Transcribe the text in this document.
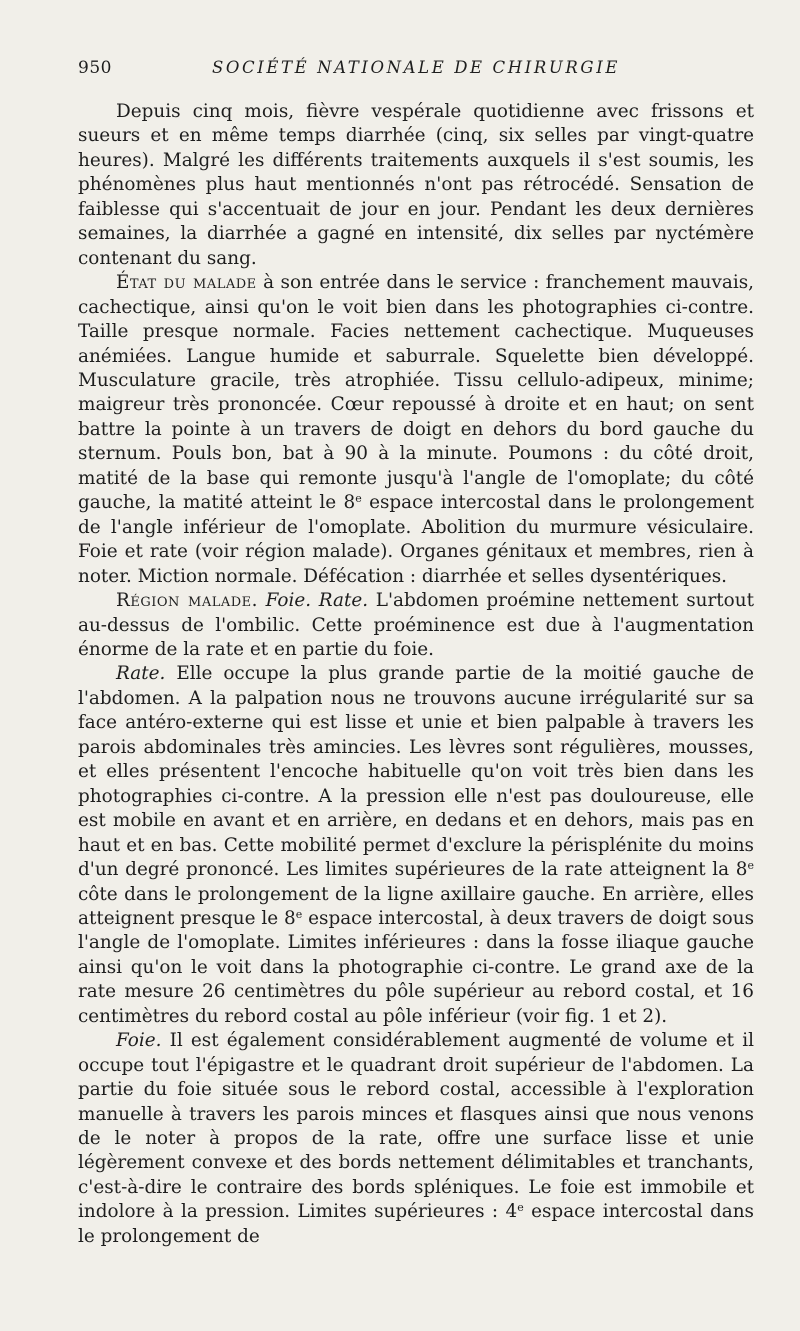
950	SOCIÉTÉ NATIONALE DE CHIRURGIE

Depuis cinq mois, fièvre vespérale quotidienne avec frissons et sueurs et en même temps diarrhée (cinq, six selles par vingt-quatre heures). Malgré les différents traitements auxquels il s'est soumis, les phénomènes plus haut mentionnés n'ont pas rétrocédé. Sensation de faiblesse qui s'accentuait de jour en jour. Pendant les deux dernières semaines, la diarrhée a gagné en intensité, dix selles par nyctémère contenant du sang.

État du malade à son entrée dans le service : franchement mauvais, cachectique, ainsi qu'on le voit bien dans les photographies ci-contre. Taille presque normale. Facies nettement cachectique. Muqueuses anémiées. Langue humide et saburrale. Squelette bien développé. Musculature gracile, très atrophiée. Tissu cellulo-adipeux, minime; maigreur très prononcée. Cœur repoussé à droite et en haut; on sent battre la pointe à un travers de doigt en dehors du bord gauche du sternum. Pouls bon, bat à 90 à la minute. Poumons : du côté droit, matité de la base qui remonte jusqu'à l'angle de l'omoplate; du côté gauche, la matité atteint le 8e espace intercostal dans le prolongement de l'angle inférieur de l'omoplate. Abolition du murmure vésiculaire. Foie et rate (voir région malade). Organes génitaux et membres, rien à noter. Miction normale. Défécation : diarrhée et selles dysentériques.

Région malade. Foie. Rate. L'abdomen proémine nettement surtout au-dessus de l'ombilic. Cette proéminence est due à l'augmentation énorme de la rate et en partie du foie.

Rate. Elle occupe la plus grande partie de la moitié gauche de l'abdomen. A la palpation nous ne trouvons aucune irrégularité sur sa face antéro-externe qui est lisse et unie et bien palpable à travers les parois abdominales très amincies. Les lèvres sont régulières, mousses, et elles présentent l'encoche habituelle qu'on voit très bien dans les photographies ci-contre. A la pression elle n'est pas douloureuse, elle est mobile en avant et en arrière, en dedans et en dehors, mais pas en haut et en bas. Cette mobilité permet d'exclure la périsplénite du moins d'un degré prononcé. Les limites supérieures de la rate atteignent la 8e côte dans le prolongement de la ligne axillaire gauche. En arrière, elles atteignent presque le 8e espace intercostal, à deux travers de doigt sous l'angle de l'omoplate. Limites inférieures : dans la fosse iliaque gauche ainsi qu'on le voit dans la photographie ci-contre. Le grand axe de la rate mesure 26 centimètres du pôle supérieur au rebord costal, et 16 centimètres du rebord costal au pôle inférieur (voir fig. 1 et 2).

Foie. Il est également considérablement augmenté de volume et il occupe tout l'épigastre et le quadrant droit supérieur de l'abdomen. La partie du foie située sous le rebord costal, accessible à l'exploration manuelle à travers les parois minces et flasques ainsi que nous venons de le noter à propos de la rate, offre une surface lisse et unie légèrement convexe et des bords nettement délimitables et tranchants, c'est-à-dire le contraire des bords spléniques. Le foie est immobile et indolore à la pression. Limites supérieures : 4e espace intercostal dans le prolongement de
